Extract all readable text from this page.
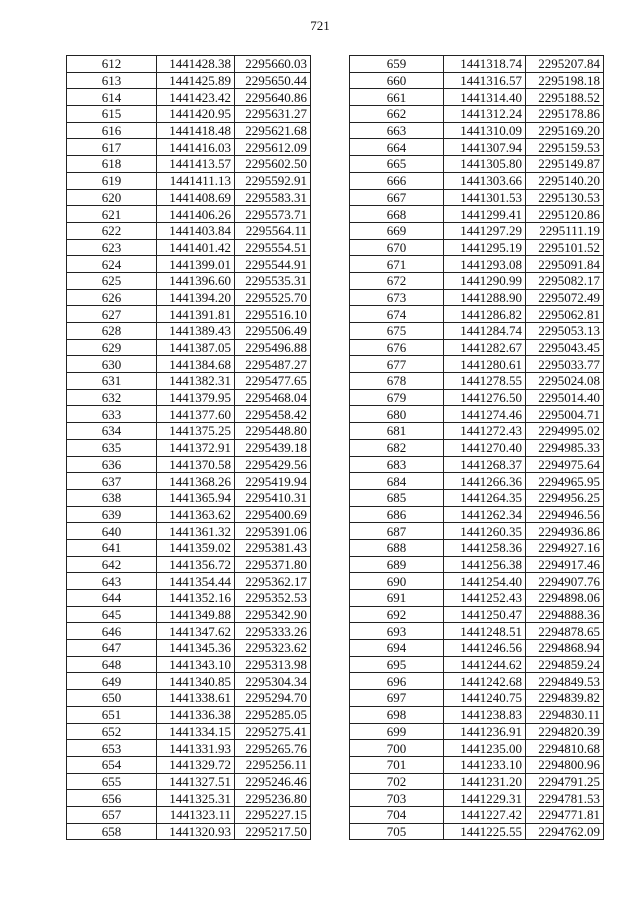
721
612	1441428.38	2295660.03
613	1441425.89	2295650.44
614	1441423.42	2295640.86
615	1441420.95	2295631.27
616	1441418.48	2295621.68
617	1441416.03	2295612.09
618	1441413.57	2295602.50
619	1441411.13	2295592.91
620	1441408.69	2295583.31
621	1441406.26	2295573.71
622	1441403.84	2295564.11
623	1441401.42	2295554.51
624	1441399.01	2295544.91
625	1441396.60	2295535.31
626	1441394.20	2295525.70
627	1441391.81	2295516.10
628	1441389.43	2295506.49
629	1441387.05	2295496.88
630	1441384.68	2295487.27
631	1441382.31	2295477.65
632	1441379.95	2295468.04
633	1441377.60	2295458.42
634	1441375.25	2295448.80
635	1441372.91	2295439.18
636	1441370.58	2295429.56
637	1441368.26	2295419.94
638	1441365.94	2295410.31
639	1441363.62	2295400.69
640	1441361.32	2295391.06
641	1441359.02	2295381.43
642	1441356.72	2295371.80
643	1441354.44	2295362.17
644	1441352.16	2295352.53
645	1441349.88	2295342.90
646	1441347.62	2295333.26
647	1441345.36	2295323.62
648	1441343.10	2295313.98
649	1441340.85	2295304.34
650	1441338.61	2295294.70
651	1441336.38	2295285.05
652	1441334.15	2295275.41
653	1441331.93	2295265.76
654	1441329.72	2295256.11
655	1441327.51	2295246.46
656	1441325.31	2295236.80
657	1441323.11	2295227.15
658	1441320.93	2295217.50
659	1441318.74	2295207.84
660	1441316.57	2295198.18
661	1441314.40	2295188.52
662	1441312.24	2295178.86
663	1441310.09	2295169.20
664	1441307.94	2295159.53
665	1441305.80	2295149.87
666	1441303.66	2295140.20
667	1441301.53	2295130.53
668	1441299.41	2295120.86
669	1441297.29	2295111.19
670	1441295.19	2295101.52
671	1441293.08	2295091.84
672	1441290.99	2295082.17
673	1441288.90	2295072.49
674	1441286.82	2295062.81
675	1441284.74	2295053.13
676	1441282.67	2295043.45
677	1441280.61	2295033.77
678	1441278.55	2295024.08
679	1441276.50	2295014.40
680	1441274.46	2295004.71
681	1441272.43	2294995.02
682	1441270.40	2294985.33
683	1441268.37	2294975.64
684	1441266.36	2294965.95
685	1441264.35	2294956.25
686	1441262.34	2294946.56
687	1441260.35	2294936.86
688	1441258.36	2294927.16
689	1441256.38	2294917.46
690	1441254.40	2294907.76
691	1441252.43	2294898.06
692	1441250.47	2294888.36
693	1441248.51	2294878.65
694	1441246.56	2294868.94
695	1441244.62	2294859.24
696	1441242.68	2294849.53
697	1441240.75	2294839.82
698	1441238.83	2294830.11
699	1441236.91	2294820.39
700	1441235.00	2294810.68
701	1441233.10	2294800.96
702	1441231.20	2294791.25
703	1441229.31	2294781.53
704	1441227.42	2294771.81
705	1441225.55	2294762.09
